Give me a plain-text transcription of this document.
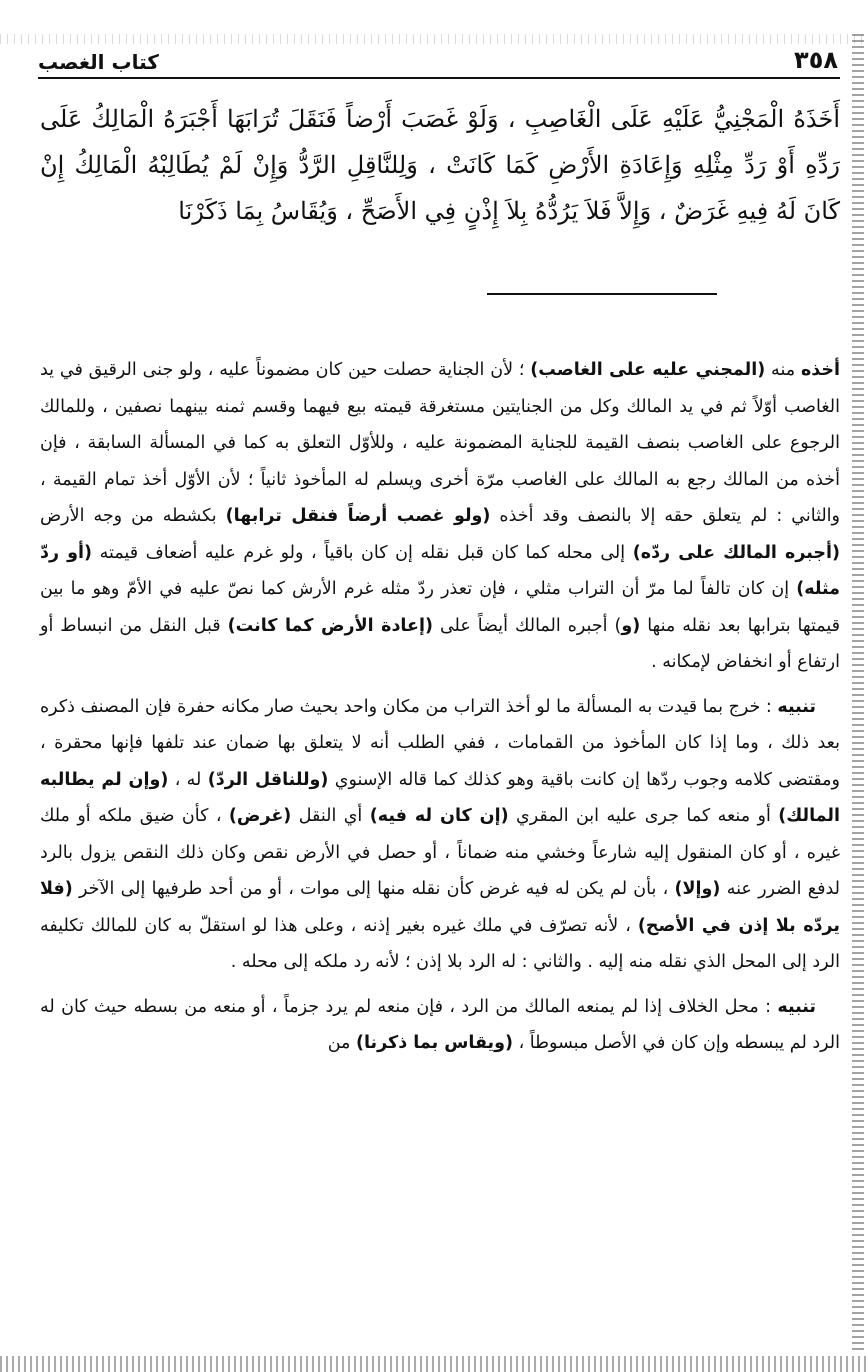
٣٥٨
كتاب الغصب

أَخَذَهُ الْمَجْنِيُّ عَلَيْهِ عَلَى الْغَاصِبِ ، وَلَوْ غَصَبَ أَرْضاً فَنَقَلَ تُرَابَهَا أَجْبَرَهُ الْمَالِكُ عَلَى رَدِّهِ أَوْ رَدِّ مِثْلِهِ وَإِعَادَةِ الأَرْضِ كَمَا كَانَتْ ، وَلِلنَّاقِلِ الرَّدُّ وَإِنْ لَمْ يُطَالِبْهُ الْمَالِكُ إِنْ كَانَ لَهُ فِيهِ غَرَضٌ ، وَإِلاَّ فَلاَ يَرُدُّهُ بِلاَ إِذْنٍ فِي الأَصَحِّ ، وَيُقَاسُ بِمَا ذَكَرْنَا

أخذه منه (المجني عليه على الغاصب) ؛ لأن الجناية حصلت حين كان مضموناً عليه ، ولو جنى الرقيق في يد الغاصب أوّلاً ثم في يد المالك وكل من الجنايتين مستغرقة قيمته بيع فيهما وقسم ثمنه بينهما نصفين ، وللمالك الرجوع على الغاصب بنصف القيمة للجناية المضمونة عليه ، وللأوّل التعلق به كما في المسألة السابقة ، فإن أخذه من المالك رجع به المالك على الغاصب مرّة أخرى ويسلم له المأخوذ ثانياً ؛ لأن الأوّل أخذ تمام القيمة ، والثاني : لم يتعلق حقه إلا بالنصف وقد أخذه (ولو غصب أرضاً فنقل ترابها) بكشطه من وجه الأرض (أجبره المالك على ردّه) إلى محله كما كان قبل نقله إن كان باقياً ، ولو غرم عليه أضعاف قيمته (أو ردّ مثله) إن كان تالفاً لما مرّ أن التراب مثلي ، فإن تعذر ردّ مثله غرم الأرش كما نصّ عليه في الأمّ وهو ما بين قيمتها بترابها بعد نقله منها (و) أجبره المالك أيضاً على (إعادة الأرض كما كانت) قبل النقل من انبساط أو ارتفاع أو انخفاض لإمكانه .

تنبيه : خرج بما قيدت به المسألة ما لو أخذ التراب من مكان واحد بحيث صار مكانه حفرة فإن المصنف ذكره بعد ذلك ، وما إذا كان المأخوذ من القمامات ، ففي الطلب أنه لا يتعلق بها ضمان عند تلفها فإنها محقرة ، ومقتضى كلامه وجوب ردّها إن كانت باقية وهو كذلك كما قاله الإسنوي (وللناقل الردّ) له ، (وإن لم يطالبه المالك) أو منعه كما جرى عليه ابن المقري (إن كان له فيه) أي النقل (غرض) ، كأن ضيق ملكه أو ملك غيره ، أو كان المنقول إليه شارعاً وخشي منه ضماناً ، أو حصل في الأرض نقص وكان ذلك النقص يزول بالرد لدفع الضرر عنه (وإلا) ، بأن لم يكن له فيه غرض كأن نقله منها إلى موات ، أو من أحد طرفيها إلى الآخر (فلا يردّه بلا إذن في الأصح) ، لأنه تصرّف في ملك غيره بغير إذنه ، وعلى هذا لو استقلّ به كان للمالك تكليفه الرد إلى المحل الذي نقله منه إليه . والثاني : له الرد بلا إذن ؛ لأنه رد ملكه إلى محله .

تنبيه : محل الخلاف إذا لم يمنعه المالك من الرد ، فإن منعه لم يرد جزماً ، أو منعه من بسطه حيث كان له الرد لم يبسطه وإن كان في الأصل مبسوطاً ، (ويقاس بما ذكرنا) من
